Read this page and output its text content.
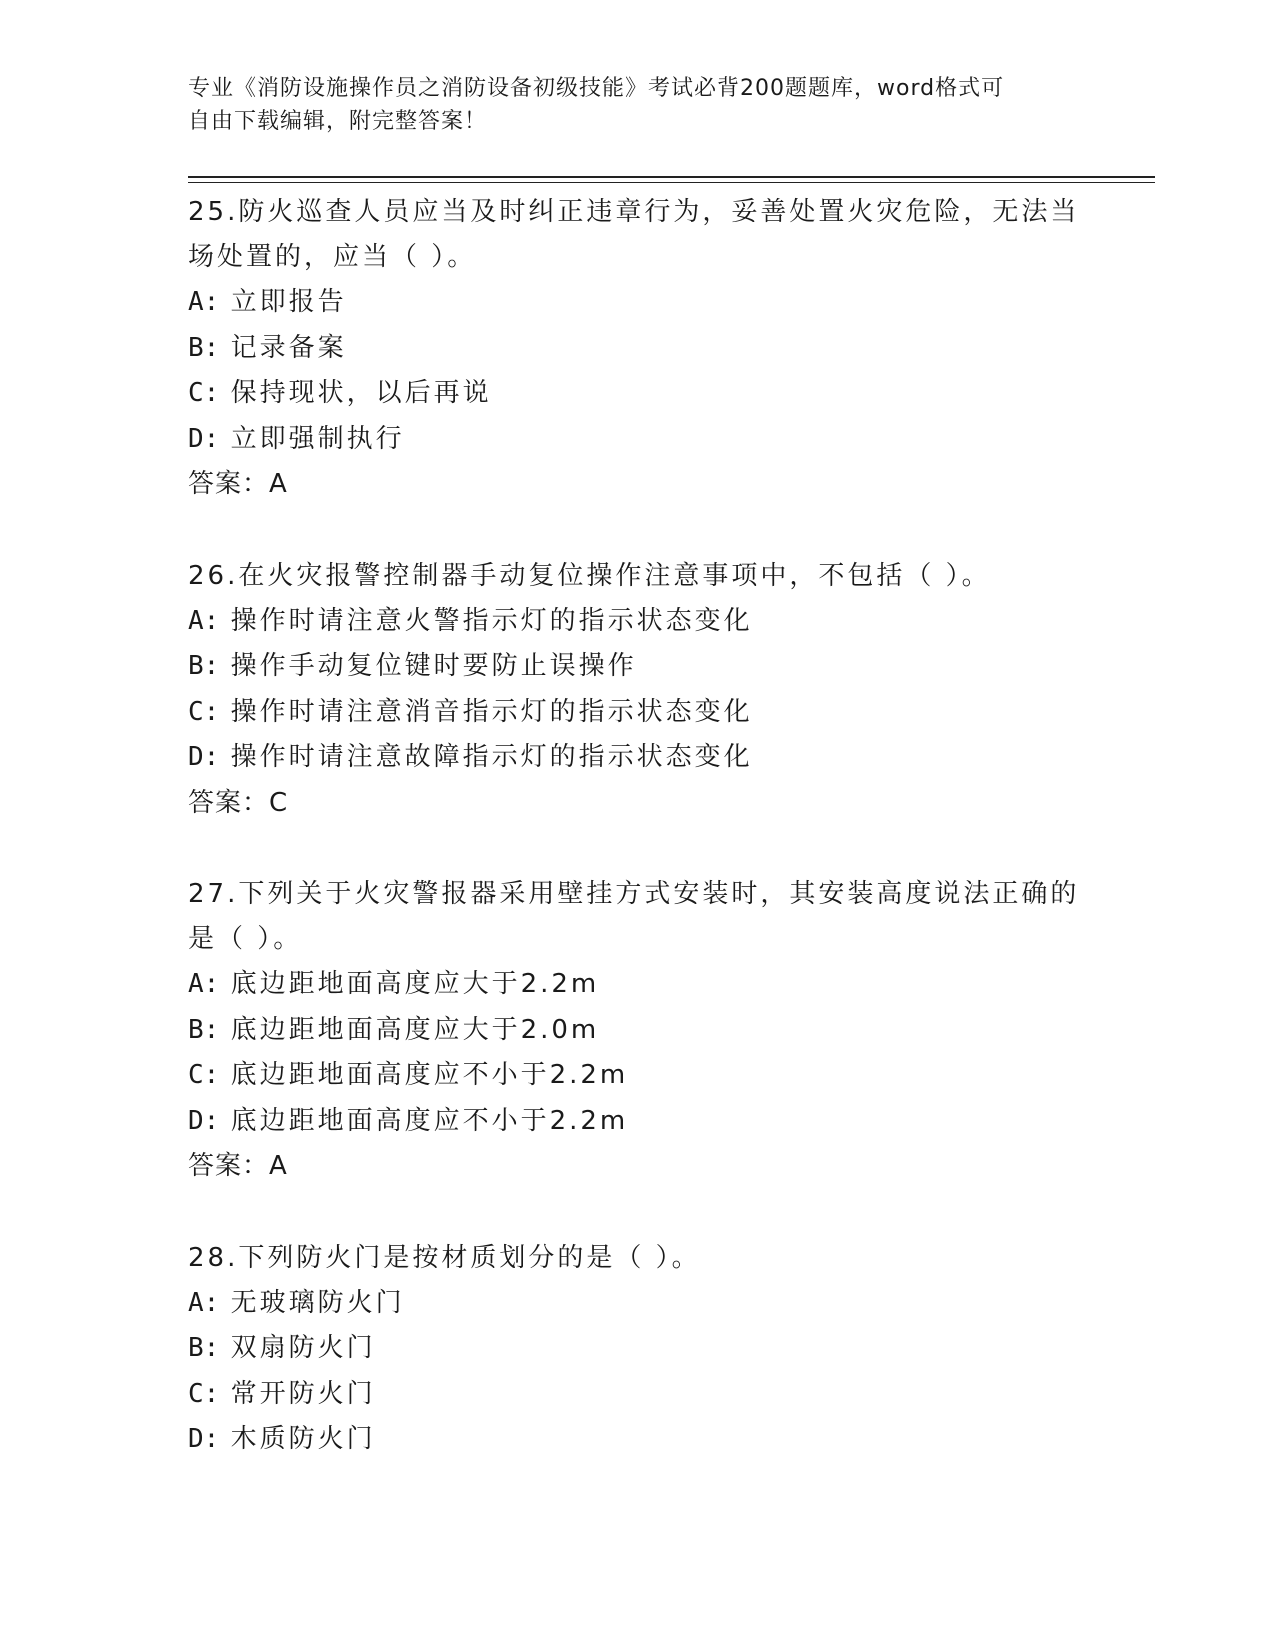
专业《消防设施操作员之消防设备初级技能》考试必背200题题库，word格式可
自由下载编辑，附完整答案！

25.防火巡查人员应当及时纠正违章行为，妥善处置火灾危险，无法当

场处置的，应当（ ）。

A: 立即报告

B: 记录备案

C: 保持现状，以后再说

D: 立即强制执行

答案：A

26.在火灾报警控制器手动复位操作注意事项中，不包括（ ）。

A: 操作时请注意火警指示灯的指示状态变化

B: 操作手动复位键时要防止误操作

C: 操作时请注意消音指示灯的指示状态变化

D: 操作时请注意故障指示灯的指示状态变化

答案：C

27.下列关于火灾警报器采用壁挂方式安装时，其安装高度说法正确的

是（ ）。

A: 底边距地面高度应大于2.2m

B: 底边距地面高度应大于2.0m

C: 底边距地面高度应不小于2.2m

D: 底边距地面高度应不小于2.2m

答案：A

28.下列防火门是按材质划分的是（ ）。

A: 无玻璃防火门

B: 双扇防火门

C: 常开防火门

D: 木质防火门
